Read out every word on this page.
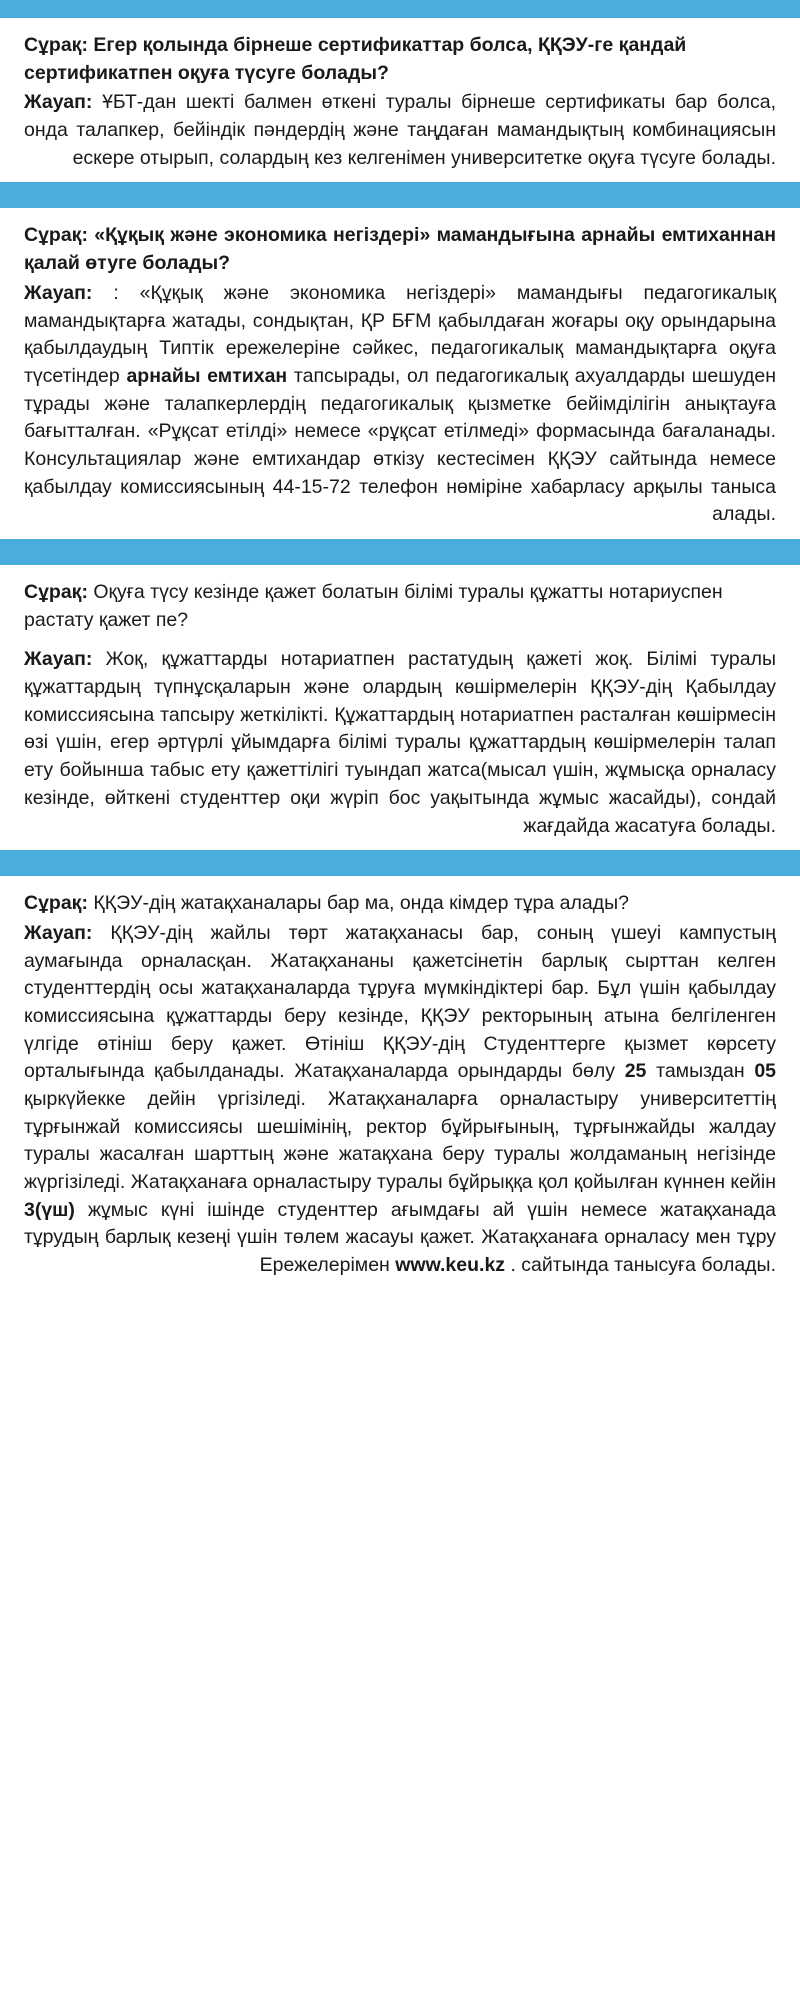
Сұрақ: Егер қолында бірнеше сертификаттар болса, ҚҚЭУ-ге қандай сертификатпен оқуға түсуге болады?

Жауап: ҰБТ-дан шекті балмен өткені туралы бірнеше сертификаты бар болса, онда талапкер, бейіндік пәндердің және таңдаған мамандықтың комбинациясын ескере отырып, солардың кез келгенімен университетке оқуға түсуге болады.

Сұрақ: «Құқық және экономика негіздері» мамандығына арнайы емтиханнан қалай өтуге болады?

Жауап: : «Құқық және экономика негіздері» мамандығы педагогикалық мамандықтарға жатады, сондықтан, ҚР БҒМ қабылдаған жоғары оқу орындарына қабылдаудың Типтік ережелеріне сәйкес, педагогикалық мамандықтарға оқуға түсетіндер арнайы емтихан тапсырады, ол педагогикалық ахуалдарды шешуден тұрады және талапкерлердің педагогикалық қызметке бейімділігін анықтауға бағытталған. «Рұқсат етілді» немесе «рұқсат етілмеді» формасында бағаланады. Консультациялар және емтихандар өткізу кестесімен ҚҚЭУ сайтында немесе қабылдау комиссиясының 44-15-72 телефон нөміріне хабарласу арқылы таныса алады.

Сұрақ: Оқуға түсу кезінде қажет болатын білімі туралы құжатты нотариуспен растату қажет пе?

Жауап: Жоқ, құжаттарды нотариатпен растатудың қажеті жоқ. Білімі туралы құжаттардың түпнұсқаларын және олардың көшірмелерін ҚҚЭУ-дің Қабылдау комиссиясына тапсыру жеткілікті. Құжаттардың нотариатпен расталған көшірмесін өзі үшін, егер әртүрлі ұйымдарға білімі туралы құжаттардың көшірмелерін талап ету бойынша табыс ету қажеттілігі туындап жатса(мысал үшін, жұмысқа орналасу кезінде, өйткені студенттер оқи жүріп бос уақытында жұмыс жасайды), сондай жағдайда жасатуға болады.

Сұрақ: ҚҚЭУ-дің жатақханалары бар ма, онда кімдер тұра алады?

Жауап: ҚҚЭУ-дің жайлы төрт жатақханасы бар, соның үшеуі кампустың аумағында орналасқан. Жатақхананы қажетсінетін барлық сырттан келген студенттердің осы жатақханаларда тұруға мүмкіндіктері бар. Бұл үшін қабылдау комиссиясына құжаттарды беру кезінде, ҚҚЭУ ректорының атына белгіленген үлгіде өтініш беру қажет. Өтініш ҚҚЭУ-дің Студенттерге қызмет көрсету орталығында қабылданады. Жатақханаларда орындарды бөлу 25 тамыздан 05 қыркүйекке дейін үргізіледі. Жатақханаларға орналастыру университеттің тұрғынжай комиссиясы шешімінің, ректор бұйрығының, тұрғынжайды жалдау туралы жасалған шарттың және жатақхана беру туралы жолдаманың негізінде жүргізіледі. Жатақханаға орналастыру туралы бұйрыққа қол қойылған күннен кейін 3(үш) жұмыс күні ішінде студенттер ағымдағы ай үшін немесе жатақханада тұрудың барлық кезеңі үшін төлем жасауы қажет. Жатақханаға орналасу мен тұру Ережелерімен www.keu.kz . сайтында танысуға болады.
